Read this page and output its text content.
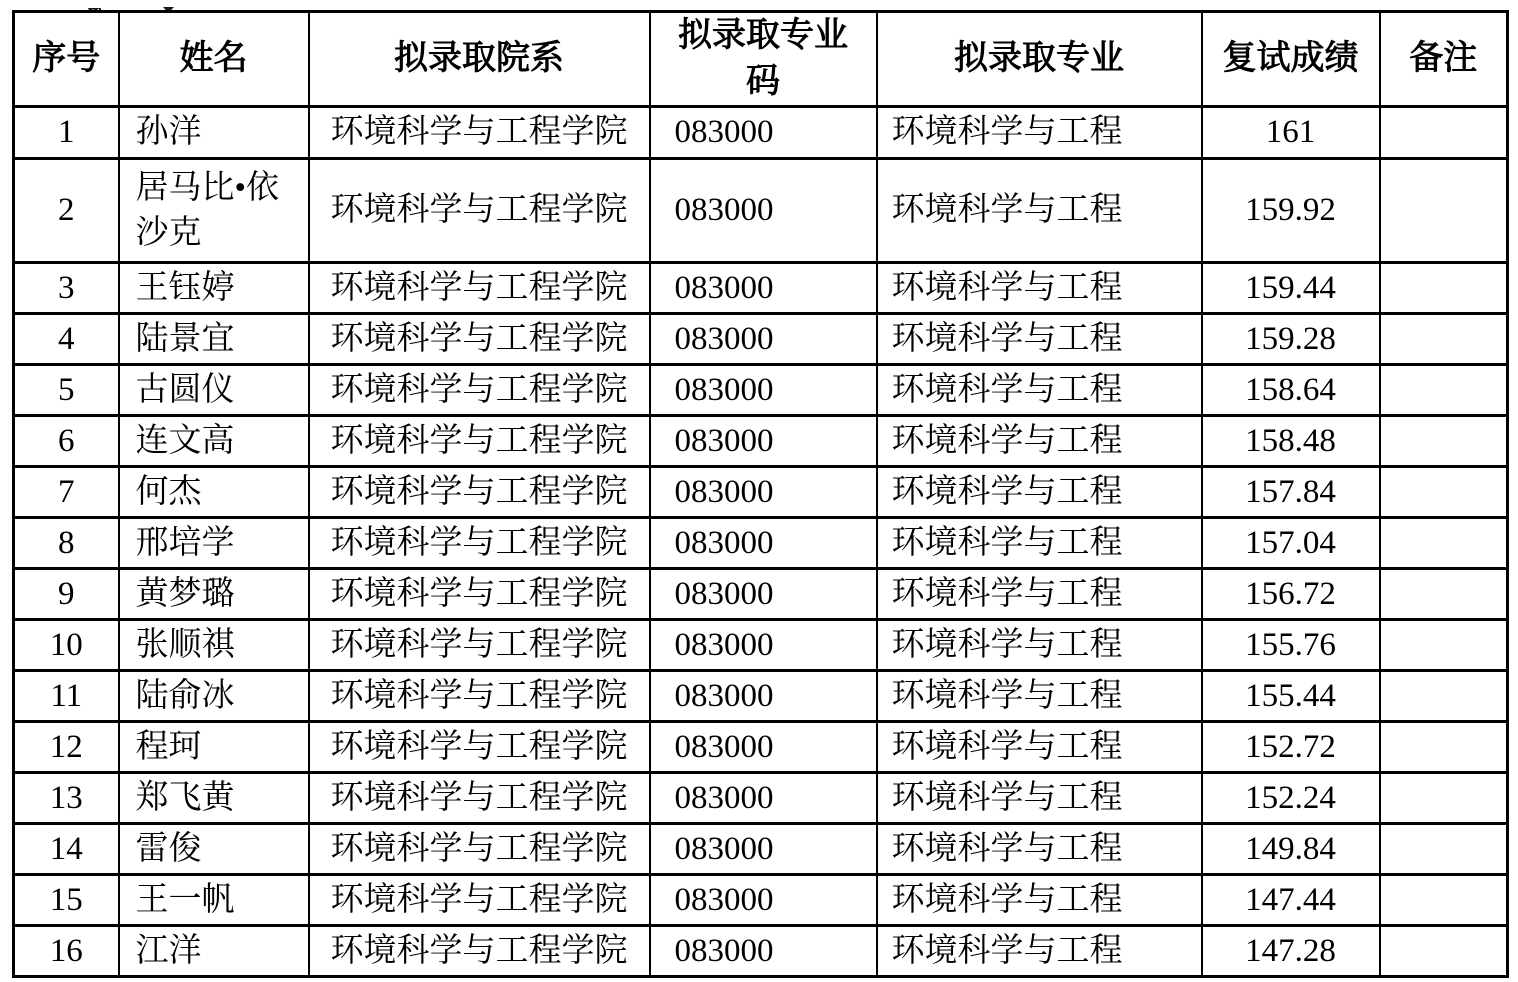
序号	姓名	拟录取院系	拟录取专业码	拟录取专业	复试成绩	备注
1	孙洋	环境科学与工程学院	083000	环境科学与工程	161	
2	居马比•依沙克	环境科学与工程学院	083000	环境科学与工程	159.92	
3	王钰婷	环境科学与工程学院	083000	环境科学与工程	159.44	
4	陆景宜	环境科学与工程学院	083000	环境科学与工程	159.28	
5	古圆仪	环境科学与工程学院	083000	环境科学与工程	158.64	
6	连文高	环境科学与工程学院	083000	环境科学与工程	158.48	
7	何杰	环境科学与工程学院	083000	环境科学与工程	157.84	
8	邢培学	环境科学与工程学院	083000	环境科学与工程	157.04	
9	黄梦璐	环境科学与工程学院	083000	环境科学与工程	156.72	
10	张顺祺	环境科学与工程学院	083000	环境科学与工程	155.76	
11	陆俞冰	环境科学与工程学院	083000	环境科学与工程	155.44	
12	程珂	环境科学与工程学院	083000	环境科学与工程	152.72	
13	郑飞黄	环境科学与工程学院	083000	环境科学与工程	152.24	
14	雷俊	环境科学与工程学院	083000	环境科学与工程	149.84	
15	王一帆	环境科学与工程学院	083000	环境科学与工程	147.44	
16	江洋	环境科学与工程学院	083000	环境科学与工程	147.28	
